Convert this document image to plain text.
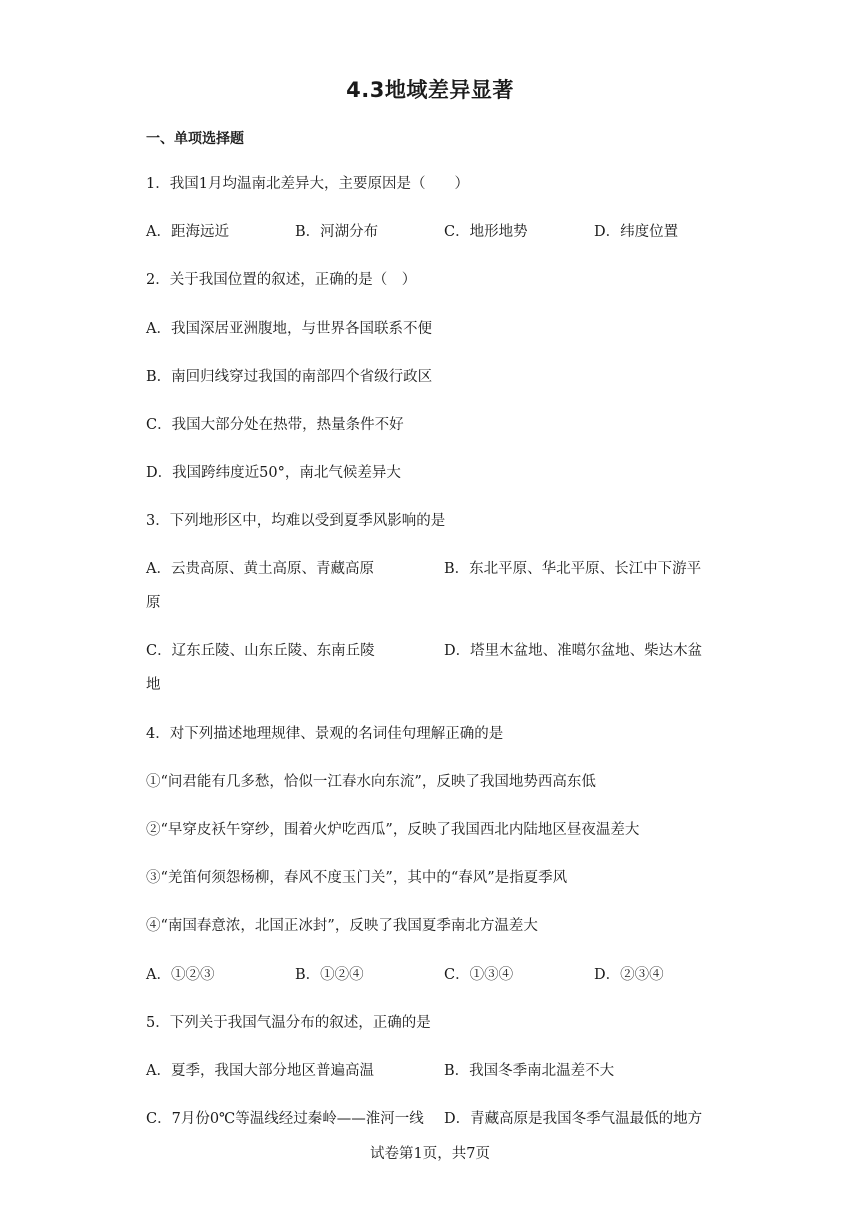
4.3地域差异显著
一、单项选择题
1．我国1月均温南北差异大，主要原因是（　　）
A．距海远近	B．河湖分布	C．地形地势	D．纬度位置
2．关于我国位置的叙述，正确的是（　）
A．我国深居亚洲腹地，与世界各国联系不便
B．南回归线穿过我国的南部四个省级行政区
C．我国大部分处在热带，热量条件不好
D．我国跨纬度近50°，南北气候差异大
3．下列地形区中，均难以受到夏季风影响的是
A．云贵高原、黄土高原、青藏高原	B．东北平原、华北平原、长江中下游平
原
C．辽东丘陵、山东丘陵、东南丘陵	D．塔里木盆地、准噶尔盆地、柴达木盆
地
4．对下列描述地理规律、景观的名词佳句理解正确的是
①“问君能有几多愁，恰似一江春水向东流”，反映了我国地势西高东低
②“早穿皮袄午穿纱，围着火炉吃西瓜”，反映了我国西北内陆地区昼夜温差大
③“羌笛何须怨杨柳，春风不度玉门关”，其中的“春风”是指夏季风
④“南国春意浓，北国正冰封”，反映了我国夏季南北方温差大
A．①②③	B．①②④	C．①③④	D．②③④
5．下列关于我国气温分布的叙述，正确的是
A．夏季，我国大部分地区普遍高温	B．我国冬季南北温差不大
C．7月份0℃等温线经过秦岭——淮河一线 D．青藏高原是我国冬季气温最低的地方
试卷第1页，共7页
